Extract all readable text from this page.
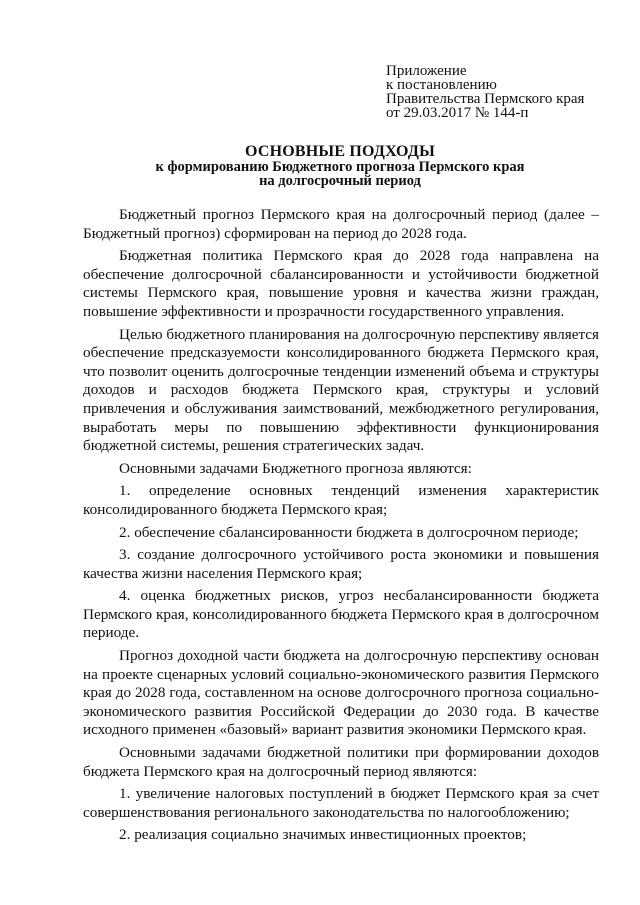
Приложение
к постановлению
Правительства Пермского края
от 29.03.2017 № 144-п
ОСНОВНЫЕ ПОДХОДЫ
к формированию Бюджетного прогноза Пермского края
на долгосрочный период

Бюджетный прогноз Пермского края на долгосрочный период (далее – Бюджетный прогноз) сформирован на период до 2028 года.

Бюджетная политика Пермского края до 2028 года направлена на обеспечение долгосрочной сбалансированности и устойчивости бюджетной системы Пермского края, повышение уровня и качества жизни граждан, повышение эффективности и прозрачности государственного управления.

Целью бюджетного планирования на долгосрочную перспективу является обеспечение предсказуемости консолидированного бюджета Пермского края, что позволит оценить долгосрочные тенденции изменений объема и структуры доходов и расходов бюджета Пермского края, структуры и условий привлечения и обслуживания заимствований, межбюджетного регулирования, выработать меры по повышению эффективности функционирования бюджетной системы, решения стратегических задач.

Основными задачами Бюджетного прогноза являются:

1. определение основных тенденций изменения характеристик консолидированного бюджета Пермского края;

2. обеспечение сбалансированности бюджета в долгосрочном периоде;

3. создание долгосрочного устойчивого роста экономики и повышения качества жизни населения Пермского края;

4. оценка бюджетных рисков, угроз несбалансированности бюджета Пермского края, консолидированного бюджета Пермского края в долгосрочном периоде.

Прогноз доходной части бюджета на долгосрочную перспективу основан на проекте сценарных условий социально-экономического развития Пермского края до 2028 года, составленном на основе долгосрочного прогноза социально-экономического развития Российской Федерации до 2030 года. В качестве исходного применен «базовый» вариант развития экономики Пермского края.

Основными задачами бюджетной политики при формировании доходов бюджета Пермского края на долгосрочный период являются:

1. увеличение налоговых поступлений в бюджет Пермского края за счет совершенствования регионального законодательства по налогообложению;

2. реализация социально значимых инвестиционных проектов;
